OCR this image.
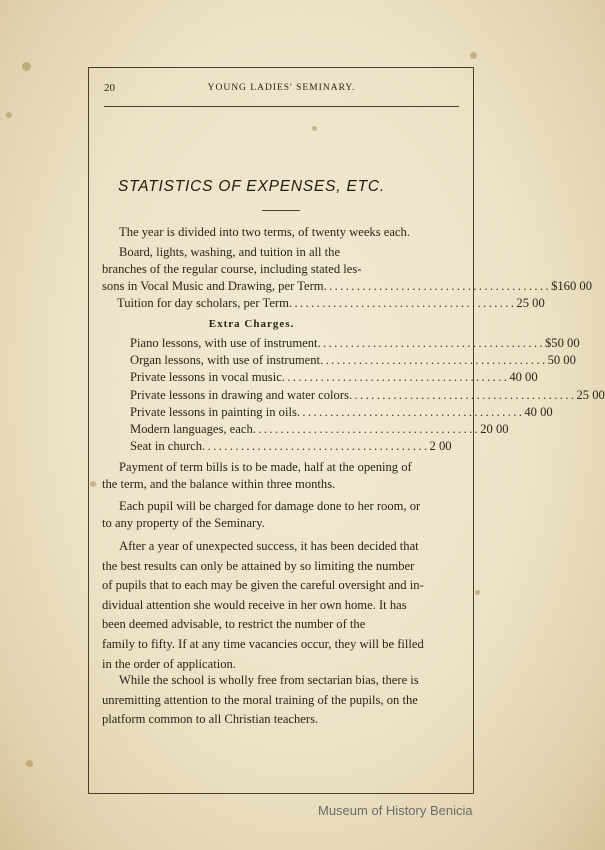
20	YOUNG LADIES' SEMINARY.
STATISTICS OF EXPENSES, ETC.
The year is divided into two terms, of twenty weeks each.
Board, lights, washing, and tuition in all the
branches of the regular course, including stated les-
sons in Vocal Music and Drawing, per Term ......................................... $160 00
Tuition for day scholars, per Term ......................................... 25 00
Extra Charges.
Piano lessons, with use of instrument ......................................... $50 00
Organ lessons, with use of instrument ......................................... 50 00
Private lessons in vocal music ......................................... 40 00
Private lessons in drawing and water colors ......................................... 25 00
Private lessons in painting in oils ......................................... 40 00
Modern languages, each ......................................... 20 00
Seat in church ......................................... 2 00
Payment of term bills is to be made, half at the opening of
the term, and the balance within three months.
Each pupil will be charged for damage done to her room, or
to any property of the Seminary.
After a year of unexpected success, it has been decided that
the best results can only be attained by so limiting the number
of pupils that to each may be given the careful oversight and in-
dividual attention she would receive in her own home. It has
been deemed advisable, to restrict the number of the
family to fifty. If at any time vacancies occur, they will be filled
in the order of application.
While the school is wholly free from sectarian bias, there is
unremitting attention to the moral training of the pupils, on the
platform common to all Christian teachers.
Museum of History Benicia
